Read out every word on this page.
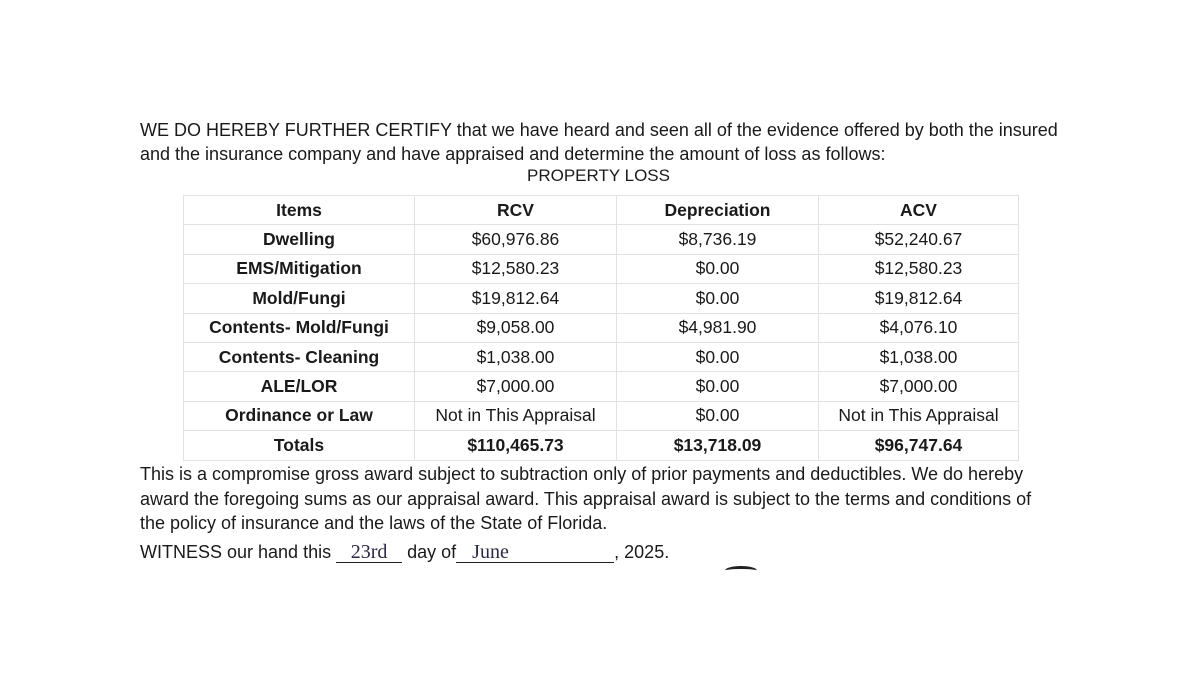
WE DO HEREBY FURTHER CERTIFY that we have heard and seen all of the evidence offered by both the insured and the insurance company and have appraised and determine the amount of loss as follows:

PROPERTY LOSS

Items	RCV	Depreciation	ACV
Dwelling	$60,976.86	$8,736.19	$52,240.67
EMS/Mitigation	$12,580.23	$0.00	$12,580.23
Mold/Fungi	$19,812.64	$0.00	$19,812.64
Contents- Mold/Fungi	$9,058.00	$4,981.90	$4,076.10
Contents- Cleaning	$1,038.00	$0.00	$1,038.00
ALE/LOR	$7,000.00	$0.00	$7,000.00
Ordinance or Law	Not in This Appraisal	$0.00	Not in This Appraisal
Totals	$110,465.73	$13,718.09	$96,747.64

This is a compromise gross award subject to subtraction only of prior payments and deductibles. We do hereby award the foregoing sums as our appraisal award. This appraisal award is subject to the terms and conditions of the policy of insurance and the laws of the State of Florida.

WITNESS our hand this 23rd day of June	, 2025.
